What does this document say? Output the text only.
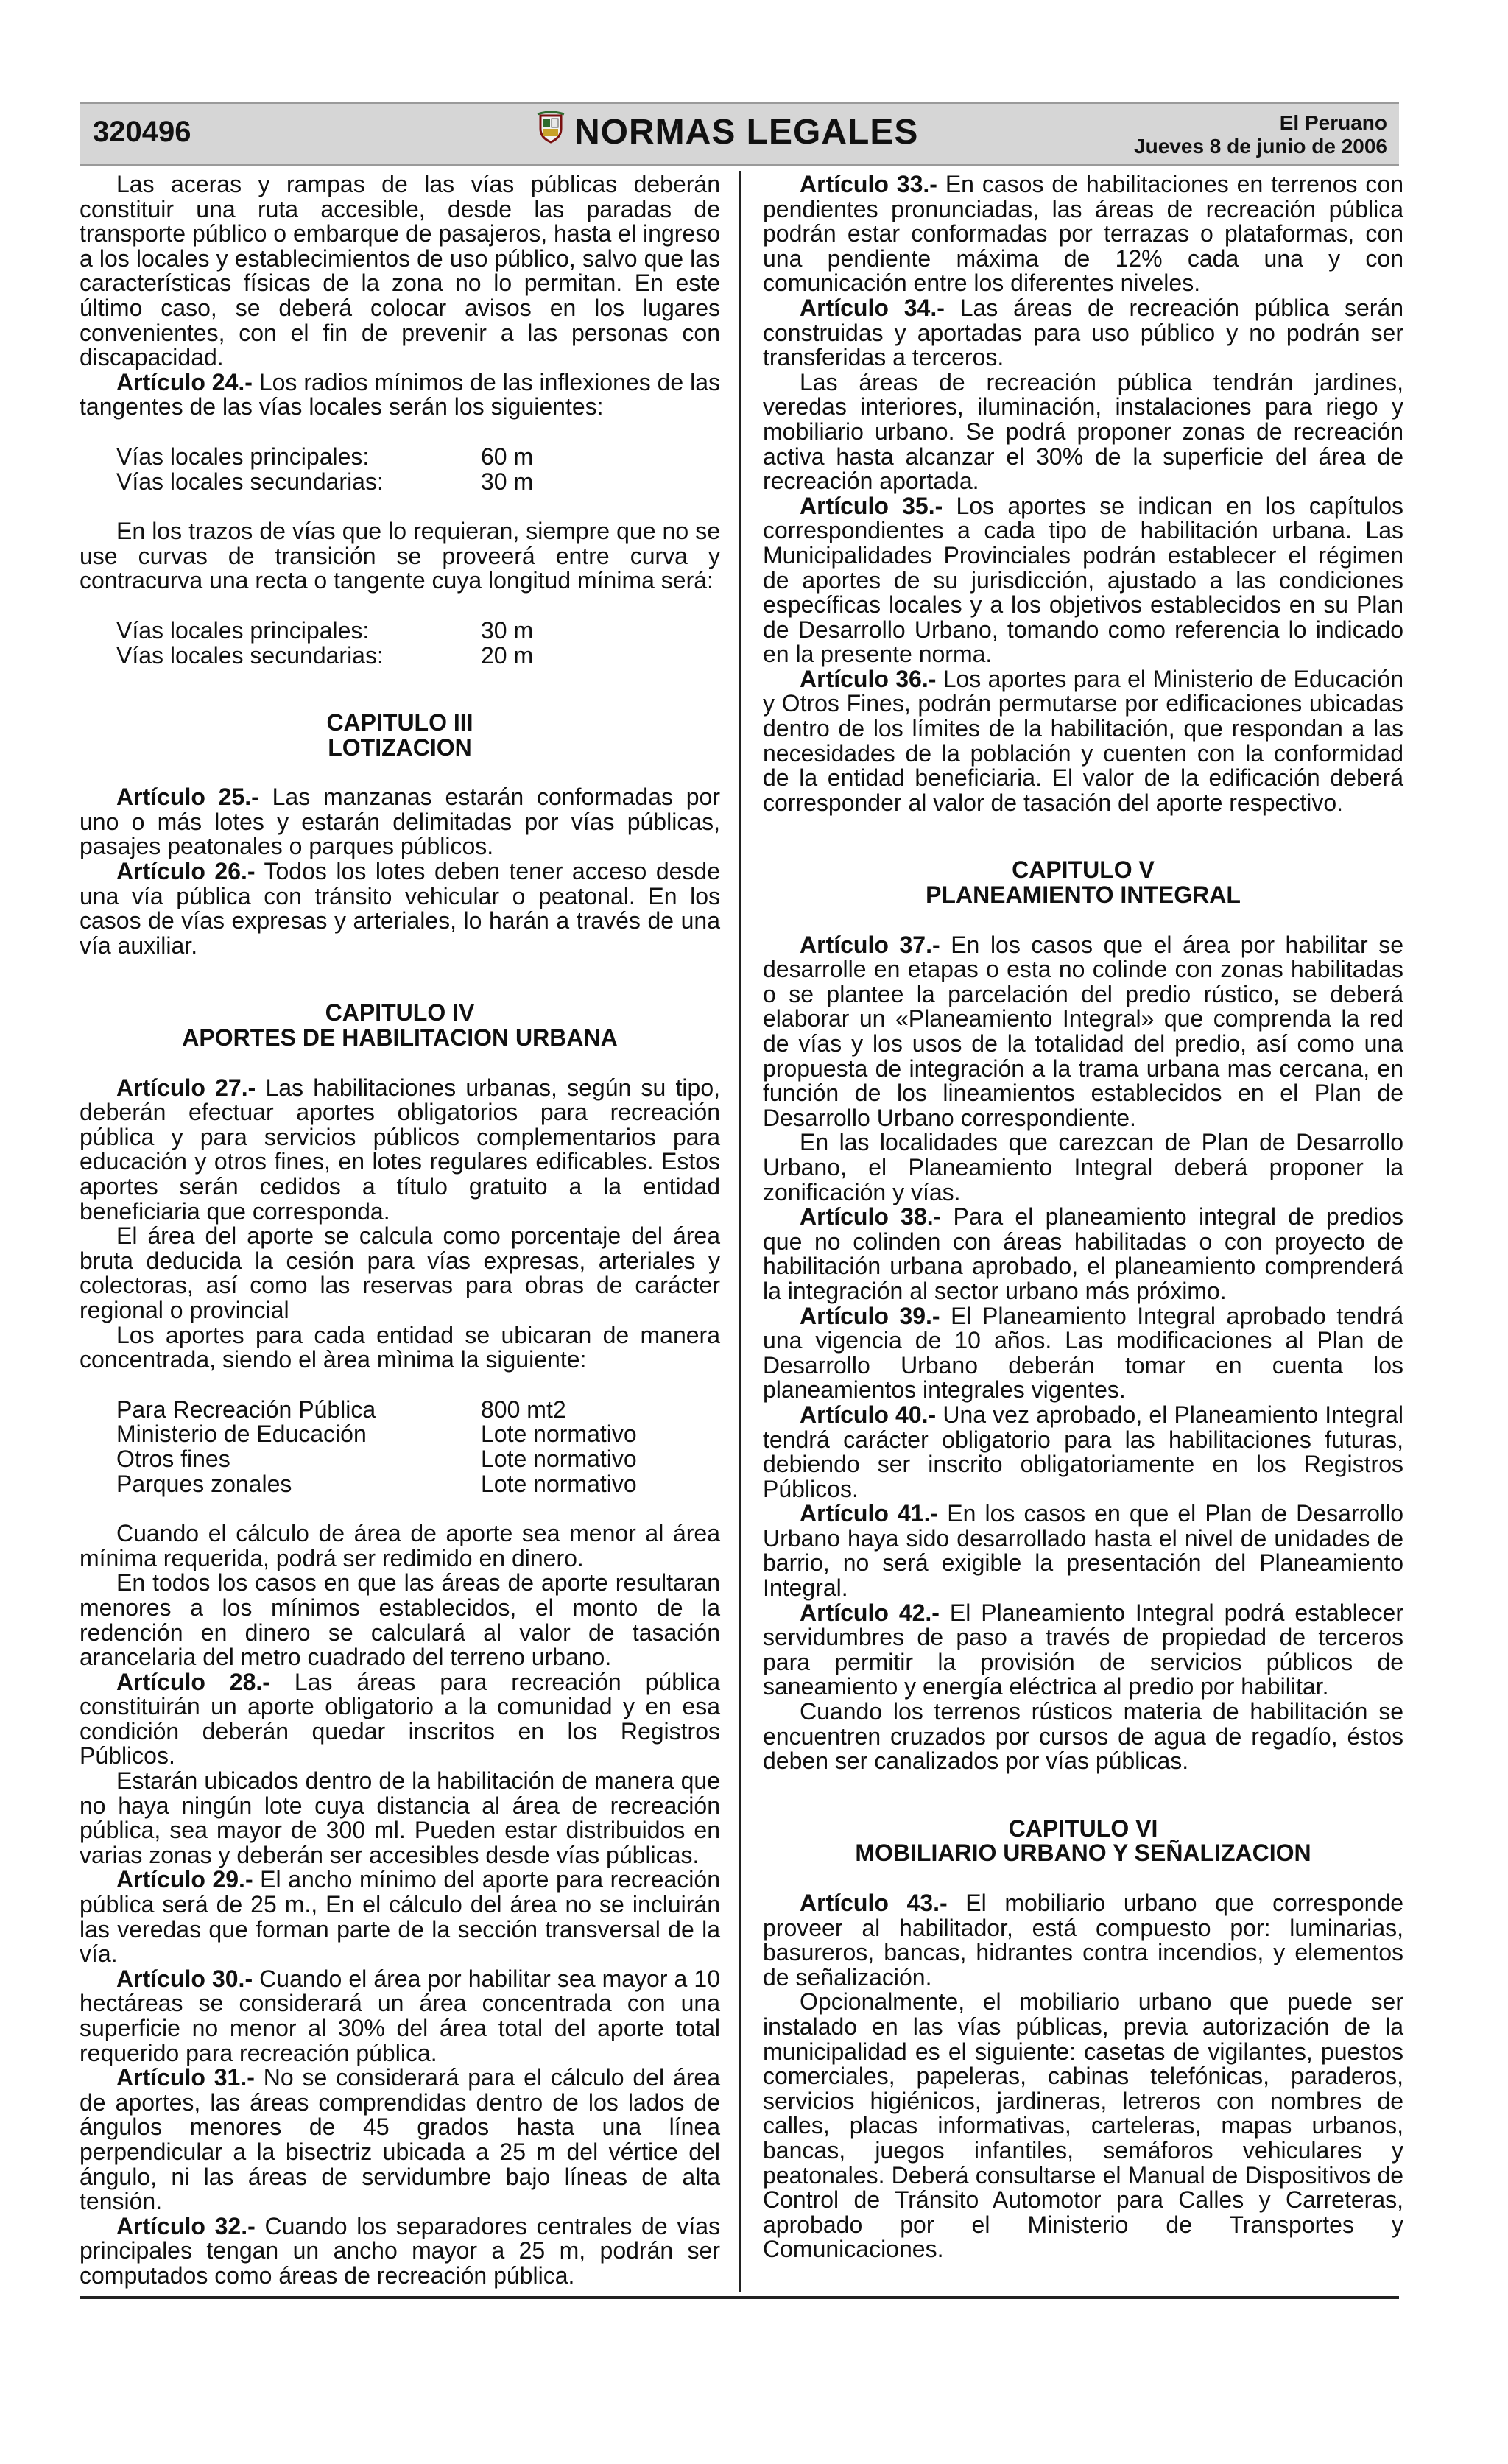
320496	NORMAS LEGALES	El Peruano
Jueves 8 de junio de 2006

Las aceras y rampas de las vías públicas deberán constituir una ruta accesible, desde las paradas de transporte público o embarque de pasajeros, hasta el ingreso a los locales y establecimientos de uso público, salvo que las características físicas de la zona no lo permitan. En este último caso, se deberá colocar avisos en los lugares convenientes, con el fin de prevenir a las personas con discapacidad.

Artículo 24.- Los radios mínimos de las inflexiones de las tangentes de las vías locales serán los siguientes:

Vías locales principales:	60 m
Vías locales secundarias:	30 m

En los trazos de vías que lo requieran, siempre que no se use curvas de transición se proveerá entre curva y contracurva una recta o tangente cuya longitud mínima será:

Vías locales principales:	30 m
Vías locales secundarias:	20 m
CAPITULO III
LOTIZACION

Artículo 25.- Las manzanas estarán conformadas por uno o más lotes y estarán delimitadas por vías públicas, pasajes peatonales o parques públicos.

Artículo 26.- Todos los lotes deben tener acceso desde una vía pública con tránsito vehicular o peatonal. En los casos de vías expresas y arteriales, lo harán a través de una vía auxiliar.

CAPITULO IV
APORTES DE HABILITACION URBANA

Artículo 27.- Las habilitaciones urbanas, según su tipo, deberán efectuar aportes obligatorios para recreación pública y para servicios públicos complementarios para educación y otros fines, en lotes regulares edificables. Estos aportes serán cedidos a título gratuito a la entidad beneficiaria que corresponda.

El área del aporte se calcula como porcentaje del área bruta deducida la cesión para vías expresas, arteriales y colectoras, así como las reservas para obras de carácter regional o provincial

Los aportes para cada entidad se ubicaran de manera concentrada, siendo el àrea mìnima la siguiente:

Para Recreación Pública	800 mt2
Ministerio de Educación	Lote normativo
Otros fines	Lote normativo
Parques zonales	Lote normativo

Cuando el cálculo de área de aporte sea menor al área mínima requerida, podrá ser redimido en dinero.

En todos los casos en que las áreas de aporte resultaran menores a los mínimos establecidos, el monto de la redención en dinero se calculará al valor de tasación arancelaria del metro cuadrado del terreno urbano.

Artículo 28.- Las áreas para recreación pública constituirán un aporte obligatorio a la comunidad y en esa condición deberán quedar inscritos en los Registros Públicos.

Estarán ubicados dentro de la habilitación de manera que no haya ningún lote cuya distancia al área de recreación pública, sea mayor de 300 ml. Pueden estar distribuidos en varias zonas y deberán ser accesibles desde vías públicas.

Artículo 29.- El ancho mínimo del aporte para recreación pública será de 25 m., En el cálculo del área no se incluirán las veredas que forman parte de la sección transversal de la vía.

Artículo 30.- Cuando el área por habilitar sea mayor a 10 hectáreas se considerará un área concentrada con una superficie no menor al 30% del área total del aporte total requerido para recreación pública.

Artículo 31.- No se considerará para el cálculo del área de aportes, las áreas comprendidas dentro de los lados de ángulos menores de 45 grados hasta una línea perpendicular a la bisectriz ubicada a 25 m del vértice del ángulo, ni las áreas de servidumbre bajo líneas de alta tensión.

Artículo 32.- Cuando los separadores centrales de vías principales tengan un ancho mayor a 25 m, podrán ser computados como áreas de recreación pública.

Artículo 33.- En casos de habilitaciones en terrenos con pendientes pronunciadas, las áreas de recreación pública podrán estar conformadas por terrazas o plataformas, con una pendiente máxima de 12% cada una y con comunicación entre los diferentes niveles.

Artículo 34.- Las áreas de recreación pública serán construidas y aportadas para uso público y no podrán ser transferidas a terceros.

Las áreas de recreación pública tendrán jardines, veredas interiores, iluminación, instalaciones para riego y mobiliario urbano. Se podrá proponer zonas de recreación activa hasta alcanzar el 30% de la superficie del área de recreación aportada.

Artículo 35.- Los aportes se indican en los capítulos correspondientes a cada tipo de habilitación urbana. Las Municipalidades Provinciales podrán establecer el régimen de aportes de su jurisdicción, ajustado a las condiciones específicas locales y a los objetivos establecidos en su Plan de Desarrollo Urbano, tomando como referencia lo indicado en la presente norma.

Artículo 36.- Los aportes para el Ministerio de Educación y Otros Fines, podrán permutarse por edificaciones ubicadas dentro de los límites de la habilitación, que respondan a las necesidades de la población y cuenten con la conformidad de la entidad beneficiaria. El valor de la edificación deberá corresponder al valor de tasación del aporte respectivo.

CAPITULO V
PLANEAMIENTO INTEGRAL

Artículo 37.- En los casos que el área por habilitar se desarrolle en etapas o esta no colinde con zonas habilitadas o se plantee la parcelación del predio rústico, se deberá elaborar un «Planeamiento Integral» que comprenda la red de vías y los usos de la totalidad del predio, así como una propuesta de integración a la trama urbana mas cercana, en función de los lineamientos establecidos en el Plan de Desarrollo Urbano correspondiente.

En las localidades que carezcan de Plan de Desarrollo Urbano, el Planeamiento Integral deberá proponer la zonificación y vías.

Artículo 38.- Para el planeamiento integral de predios que no colinden con áreas habilitadas o con proyecto de habilitación urbana aprobado, el planeamiento comprenderá la integración al sector urbano más próximo.

Artículo 39.- El Planeamiento Integral aprobado tendrá una vigencia de 10 años. Las modificaciones al Plan de Desarrollo Urbano deberán tomar en cuenta los planeamientos integrales vigentes.

Artículo 40.- Una vez aprobado, el Planeamiento Integral tendrá carácter obligatorio para las habilitaciones futuras, debiendo ser inscrito obligatoriamente en los Registros Públicos.

Artículo 41.- En los casos en que el Plan de Desarrollo Urbano haya sido desarrollado hasta el nivel de unidades de barrio, no será exigible la presentación del Planeamiento Integral.

Artículo 42.- El Planeamiento Integral podrá establecer servidumbres de paso a través de propiedad de terceros para permitir la provisión de servicios públicos de saneamiento y energía eléctrica al predio por habilitar.

Cuando los terrenos rústicos materia de habilitación se encuentren cruzados por cursos de agua de regadío, éstos deben ser canalizados por vías públicas.

CAPITULO VI
MOBILIARIO URBANO Y SEÑALIZACION

Artículo 43.- El mobiliario urbano que corresponde proveer al habilitador, está compuesto por: luminarias, basureros, bancas, hidrantes contra incendios, y elementos de señalización.

Opcionalmente, el mobiliario urbano que puede ser instalado en las vías públicas, previa autorización de la municipalidad es el siguiente: casetas de vigilantes, puestos comerciales, papeleras, cabinas telefónicas, paraderos, servicios higiénicos, jardineras, letreros con nombres de calles, placas informativas, carteleras, mapas urbanos, bancas, juegos infantiles, semáforos vehiculares y peatonales. Deberá consultarse el Manual de Dispositivos de Control de Tránsito Automotor para Calles y Carreteras, aprobado por el Ministerio de Transportes y Comunicaciones.
